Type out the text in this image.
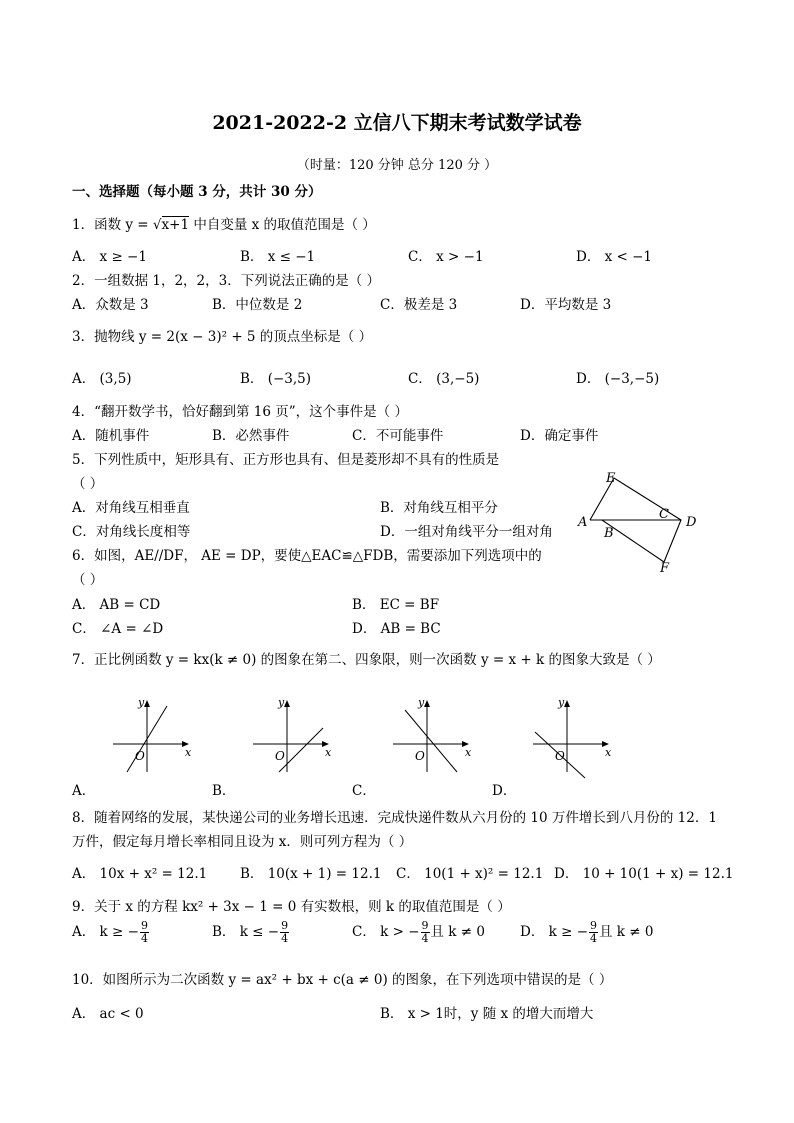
2021-2022-2 立信八下期末考试数学试卷
（时量：120 分钟 总分 120 分 ）
一、选择题（每小题 3 分，共计 30 分）
1．函数 y = √x+1 中自变量 x 的取值范围是（ ）
A． x ≥ −1	B． x ≤ −1	C． x > −1	D． x < −1
2．一组数据 1，2，2，3．下列说法正确的是（ ）
A．众数是 3	B．中位数是 2	C．极差是 3	D．平均数是 3
3．抛物线 y = 2(x − 3)² + 5 的顶点坐标是（ ）
A． (3,5)	B． (−3,5)	C． (3,−5)	D． (−3,−5)
4．“翻开数学书，恰好翻到第 16 页”，这个事件是（ ）
A．随机事件	B．必然事件	C．不可能事件	D．确定事件
5．下列性质中，矩形具有、正方形也具有、但是菱形却不具有的性质是
（ ）
A．对角线互相垂直	B．对角线互相平分
C．对角线长度相等	D．一组对角线平分一组对角
E
A
C
D
B
F
6．如图，AE//DF， AE = DP，要使△EAC≌△FDB，需要添加下列选项中的
（ ）
A． AB = CD	B． EC = BF
C． ∠A = ∠D	D． AB = BC
7．正比例函数 y = kx(k ≠ 0) 的图象在第二、四象限，则一次函数 y = x + k 的图象大致是（ ）
y
x
O
y
x
O
y
x
O
y
x
O
A．	B．	C．	D．
8．随着网络的发展，某快递公司的业务增长迅速．完成快递件数从六月份的 10 万件增长到八月份的 12．1
万件，假定每月增长率相同且设为 x．则可列方程为（ ）
A． 10x + x² = 12.1 B． 10(x + 1) = 12.1 C． 10(1 + x)² = 12.1 D． 10 + 10(1 + x) = 12.1
9．关于 x 的方程 kx² + 3x − 1 = 0 有实数根，则 k 的取值范围是（ ）
A． k ≥ − $\frac{9}{4}$	B． k ≤ − $\frac{9}{4}$	C． k > − $\frac{9}{4}$ 且 k ≠ 0	D． k ≥ − $\frac{9}{4}$ 且 k ≠ 0
10．如图所示为二次函数 y = ax² + bx + c(a ≠ 0) 的图象，在下列选项中错误的是（ ）
A． ac < 0	B． x > 1时，y 随 x 的增大而增大
